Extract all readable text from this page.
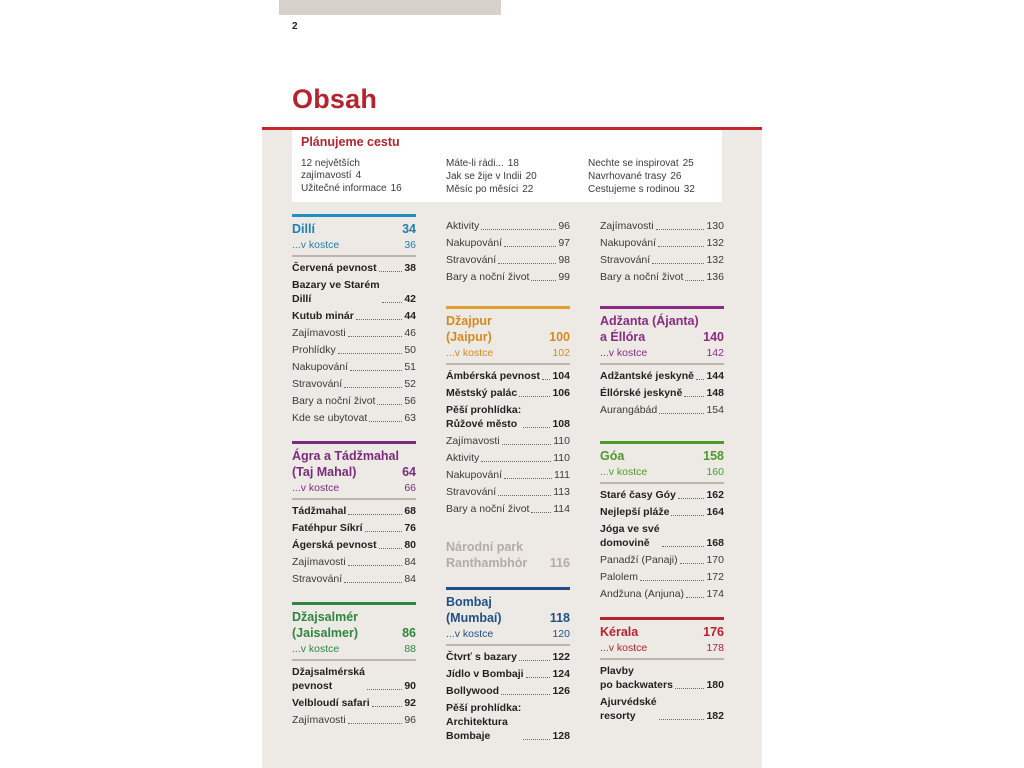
2
Obsah
Plánujeme cestu
12 největších
zajímavostí 4
Užitečné informace 16
Máte-li rádi... 18
Jak se žije v Indii 20
Měsíc po měsíci 22
Nechte se inspirovat 25
Navrhované trasy 26
Cestujeme s rodinou 32
Dillí	34
...v kostce	36
Červená pevnost	38
Bazary ve Starém
Dillí	42
Kutub minár	44
Zajímavosti	46
Prohlídky	50
Nakupování	51
Stravování	52
Bary a noční život	56
Kde se ubytovat	63
Ágra a Tádžmahal
(Taj Mahal)	64
...v kostce	66
Tádžmahal	68
Fatéhpur Síkrí	76
Ágerská pevnost	80
Zajímavosti	84
Stravování	84
Džajsalmér
(Jaisalmer)	86
...v kostce	88
Džajsalmérská
pevnost	90
Velbloudí safari	92
Zajímavosti	96
Aktivity	96
Nakupování	97
Stravování	98
Bary a noční život	99
Džajpur
(Jaipur)	100
...v kostce	102
Ámbérská pevnost 104
Městský palác	106
Pěší prohlídka:
Růžové město	108
Zajímavosti	110
Aktivity	110
Nakupování	111
Stravování	113
Bary a noční život 114
Národní park
Ranthambhór	116
Bombaj (Mumbaí)	118
...v kostce	120
Čtvrť s bazary	122
Jídlo v Bombaji	124
Bollywood	126
Pěší prohlídka:
Architektura
Bombaje	128
Zajímavosti	130
Nakupování	132
Stravování	132
Bary a noční život 136
Adžanta (Ájanta)
a Éllóra	140
...v kostce	142
Adžantské jeskyně 144
Éllórské jeskyně 148
Aurangábád	154
Góa	158
...v kostce	160
Staré časy Góy	162
Nejlepší pláže	164
Jóga ve své
domovině	168
Panadží (Panaji)	170
Palolem	172
Andžuna (Anjuna) 174
Kérala	176
...v kostce	178
Plavby
po backwaters	180
Ajurvédské
resorty	182
